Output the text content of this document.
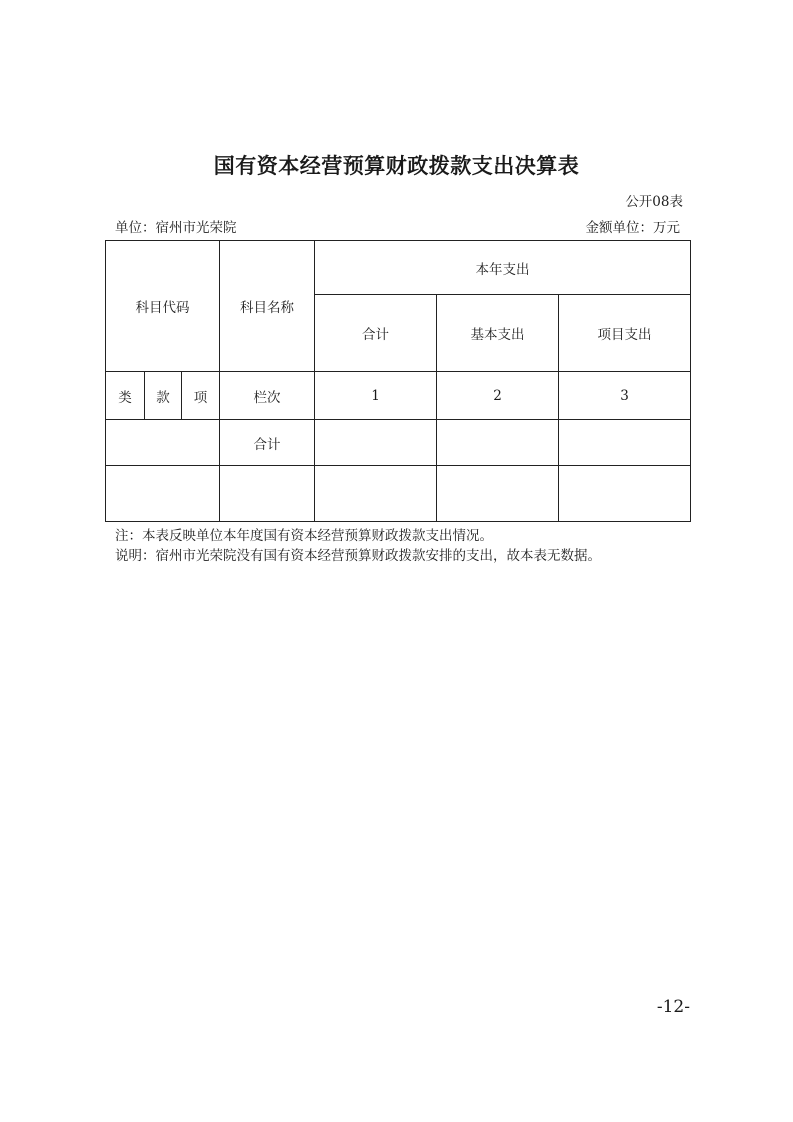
国有资本经营预算财政拨款支出决算表
公开08表
单位：宿州市光荣院	金额单位：万元
科目代码			科目名称	本年支出		
				合计	基本支出	项目支出
类	款	项	栏次	1	2	3
			合计			

注：本表反映单位本年度国有资本经营预算财政拨款支出情况。
说明：宿州市光荣院没有国有资本经营预算财政拨款安排的支出，故本表无数据。
-12-
